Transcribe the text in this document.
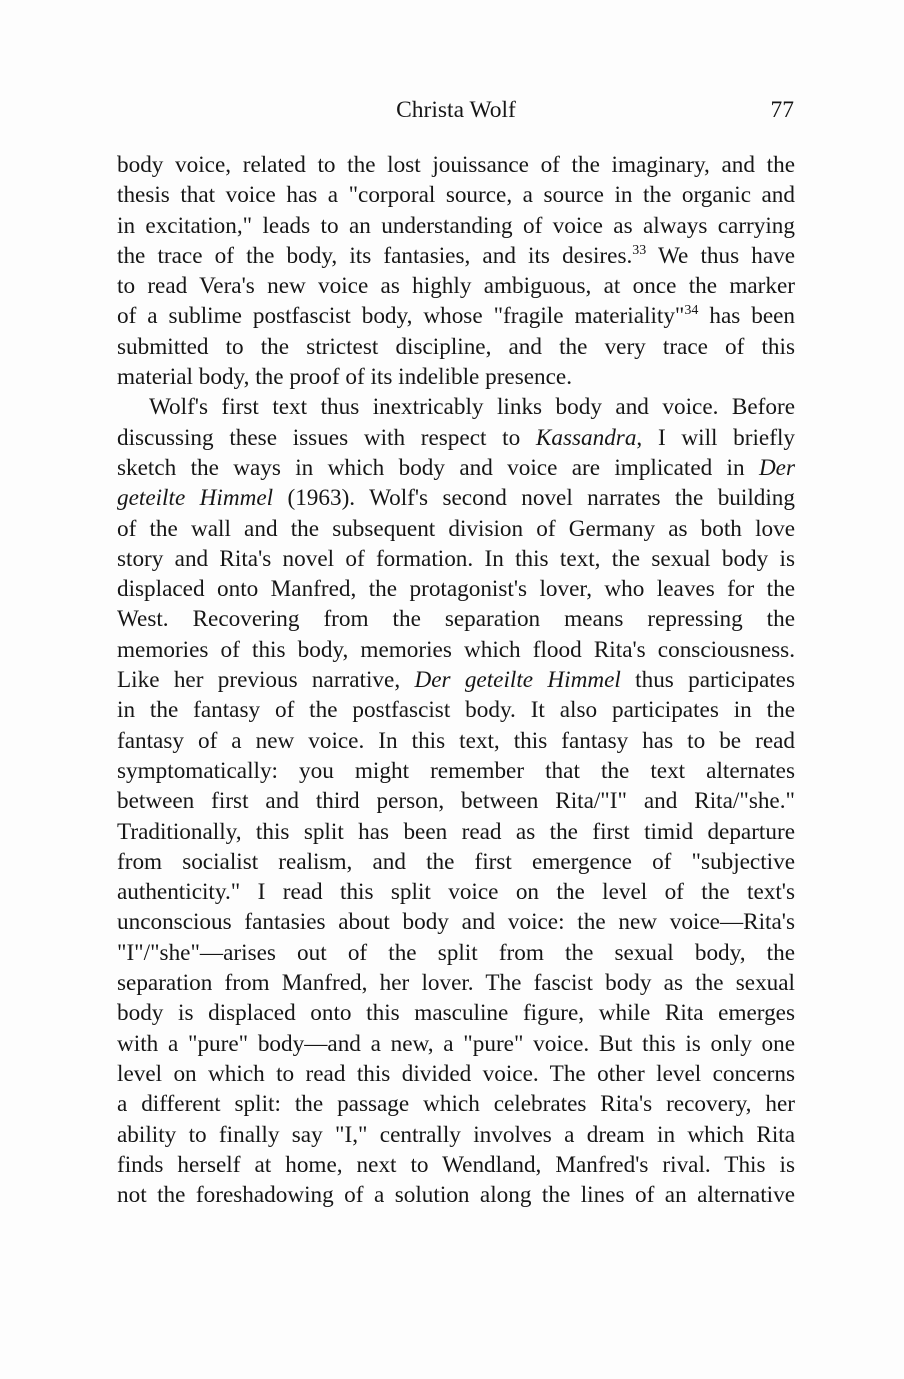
Christa Wolf	77
body voice, related to the lost jouissance of the imaginary, and the
thesis that voice has a "corporal source, a source in the organic and
in excitation," leads to an understanding of voice as always carrying
the trace of the body, its fantasies, and its desires.$^{33}$ We thus have
to read Vera's new voice as highly ambiguous, at once the marker
of a sublime postfascist body, whose "fragile materiality"$^{34}$ has been
submitted to the strictest discipline, and the very trace of this
material body, the proof of its indelible presence.
Wolf's first text thus inextricably links body and voice. Before
discussing these issues with respect to Kassandra, I will briefly
sketch the ways in which body and voice are implicated in Der
geteilte Himmel (1963). Wolf's second novel narrates the building
of the wall and the subsequent division of Germany as both love
story and Rita's novel of formation. In this text, the sexual body is
displaced onto Manfred, the protagonist's lover, who leaves for the
West. Recovering from the separation means repressing the
memories of this body, memories which flood Rita's consciousness.
Like her previous narrative, Der geteilte Himmel thus participates
in the fantasy of the postfascist body. It also participates in the
fantasy of a new voice. In this text, this fantasy has to be read
symptomatically: you might remember that the text alternates
between first and third person, between Rita/"I" and Rita/"she."
Traditionally, this split has been read as the first timid departure
from socialist realism, and the first emergence of "subjective
authenticity." I read this split voice on the level of the text's
unconscious fantasies about body and voice: the new voice—Rita's
"I"/"she"—arises out of the split from the sexual body, the
separation from Manfred, her lover. The fascist body as the sexual
body is displaced onto this masculine figure, while Rita emerges
with a "pure" body—and a new, a "pure" voice. But this is only one
level on which to read this divided voice. The other level concerns
a different split: the passage which celebrates Rita's recovery, her
ability to finally say "I," centrally involves a dream in which Rita
finds herself at home, next to Wendland, Manfred's rival. This is
not the foreshadowing of a solution along the lines of an alternative
